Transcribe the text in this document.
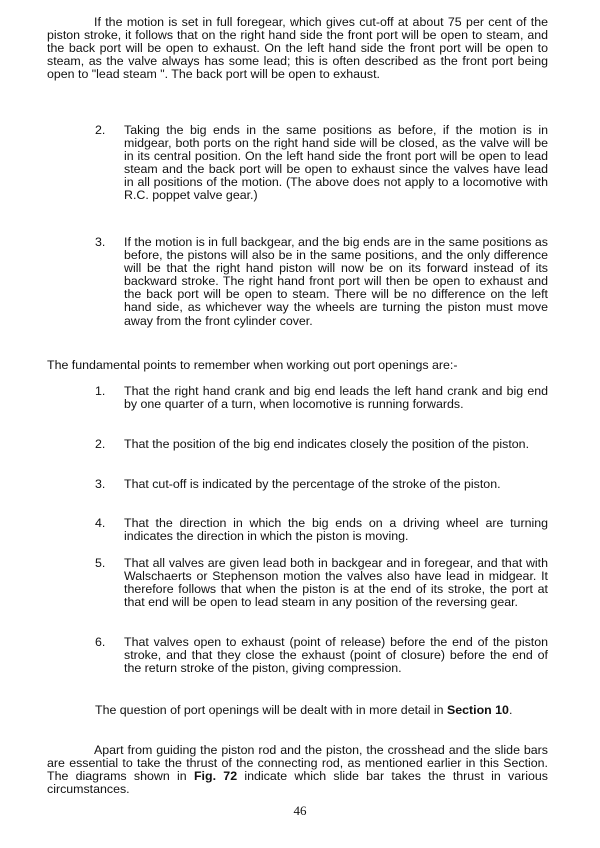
If the motion is set in full foregear, which gives cut-off at about 75 per cent of the piston stroke, it follows that on the right hand side the front port will be open to steam, and the back port will be open to exhaust. On the left hand side the front port will be open to steam, as the valve always has some lead; this is often described as the front port being open to "lead steam ". The back port will be open to exhaust.

2.	Taking the big ends in the same positions as before, if the motion is in midgear, both ports on the right hand side will be closed, as the valve will be in its central position. On the left hand side the front port will be open to lead steam and the back port will be open to exhaust since the valves have lead in all positions of the motion. (The above does not apply to a locomotive with R.C. poppet valve gear.)
3.	If the motion is in full backgear, and the big ends are in the same positions as before, the pistons will also be in the same positions, and the only difference will be that the right hand piston will now be on its forward instead of its backward stroke. The right hand front port will then be open to exhaust and the back port will be open to steam. There will be no difference on the left hand side, as whichever way the wheels are turning the piston must move away from the front cylinder cover.

The fundamental points to remember when working out port openings are:-

1.	That the right hand crank and big end leads the left hand crank and big end by one quarter of a turn, when locomotive is running forwards.
2.	That the position of the big end indicates closely the position of the piston.
3.	That cut-off is indicated by the percentage of the stroke of the piston.
4.	That the direction in which the big ends on a driving wheel are turning indicates the direction in which the piston is moving.
5.	That all valves are given lead both in backgear and in foregear, and that with Walschaerts or Stephenson motion the valves also have lead in midgear. It therefore follows that when the piston is at the end of its stroke, the port at that end will be open to lead steam in any position of the reversing gear.
6.	That valves open to exhaust (point of release) before the end of the piston stroke, and that they close the exhaust (point of closure) before the end of the return stroke of the piston, giving compression.

The question of port openings will be dealt with in more detail in Section 10.

Apart from guiding the piston rod and the piston, the crosshead and the slide bars are essential to take the thrust of the connecting rod, as mentioned earlier in this Section. The diagrams shown in Fig. 72 indicate which slide bar takes the thrust in various circumstances.

46
